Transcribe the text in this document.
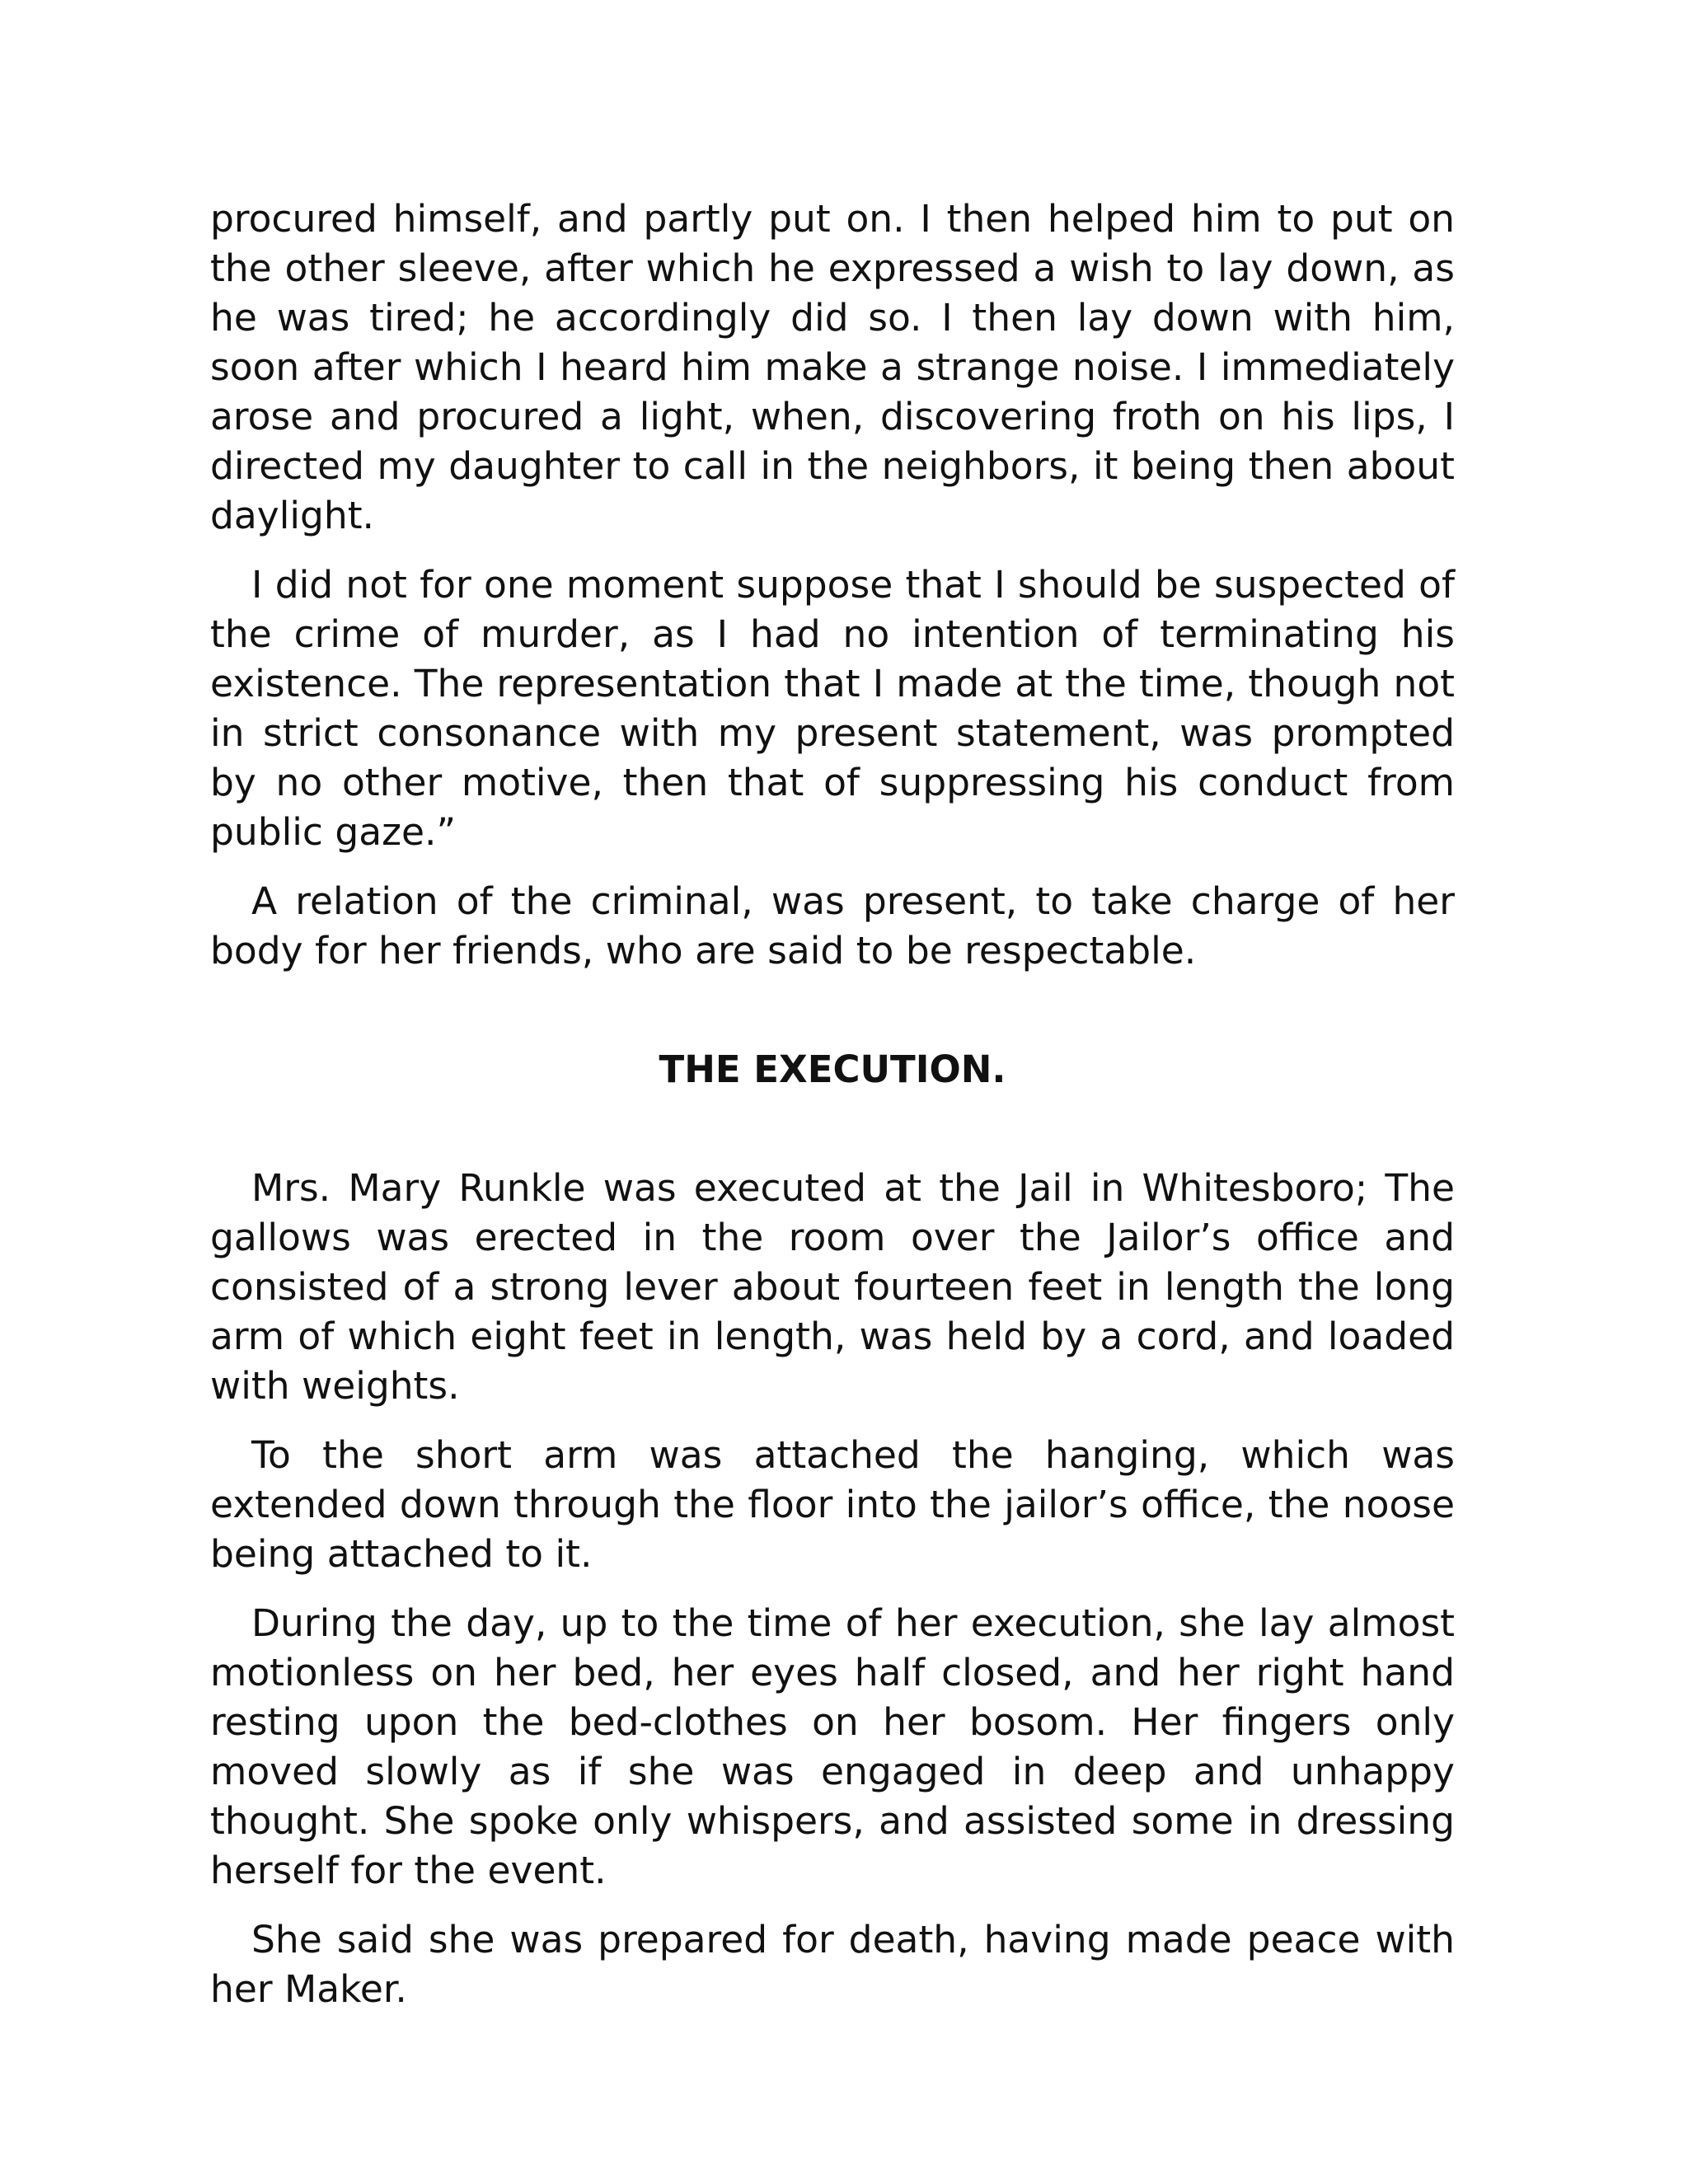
procured himself, and partly put on. I then helped him to put on the other sleeve, after which he expressed a wish to lay down, as he was tired; he accordingly did so. I then lay down with him, soon after which I heard him make a strange noise. I immediately arose and procured a light, when, discovering froth on his lips, I directed my daughter to call in the neighbors, it being then about daylight.

I did not for one moment suppose that I should be suspected of the crime of murder, as I had no intention of terminating his existence. The representation that I made at the time, though not in strict consonance with my present statement, was prompted by no other motive, then that of suppressing his conduct from public gaze.”

A relation of the criminal, was present, to take charge of her body for her friends, who are said to be respectable.

THE EXECUTION.

Mrs. Mary Runkle was executed at the Jail in Whitesboro; The gallows was erected in the room over the Jailor’s office and consisted of a strong lever about fourteen feet in length the long arm of which eight feet in length, was held by a cord, and loaded with weights.

To the short arm was attached the hanging, which was extended down through the floor into the jailor’s office, the noose being attached to it.

During the day, up to the time of her execution, she lay almost motionless on her bed, her eyes half closed, and her right hand resting upon the bed-clothes on her bosom. Her fingers only moved slowly as if she was engaged in deep and unhappy thought. She spoke only whispers, and assisted some in dressing herself for the event.

She said she was prepared for death, having made peace with her Maker.
